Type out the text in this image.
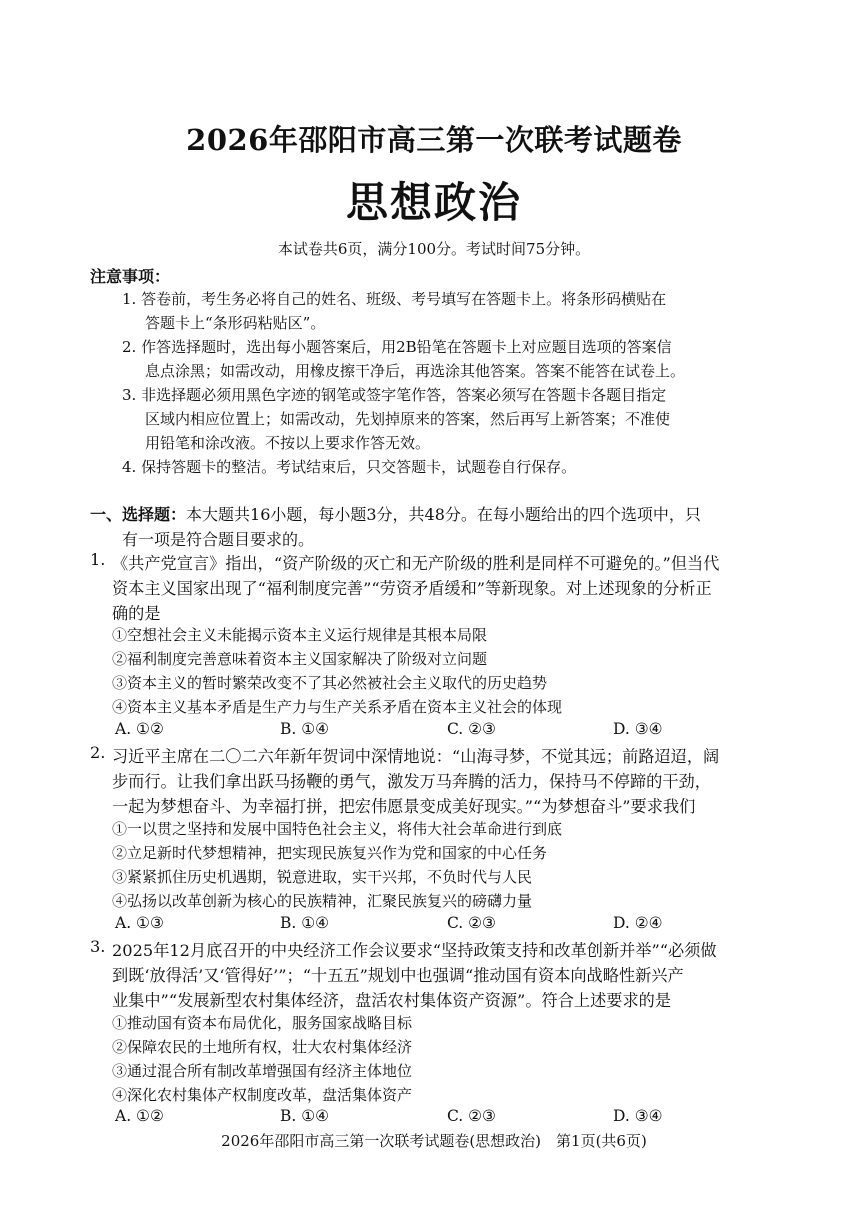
2026年邵阳市高三第一次联考试题卷
思想政治
本试卷共6页，满分100分。考试时间75分钟。
注意事项：
1. 答卷前，考生务必将自己的姓名、班级、考号填写在答题卡上。将条形码横贴在
答题卡上“条形码粘贴区”。
2. 作答选择题时，选出每小题答案后，用2B铅笔在答题卡上对应题目选项的答案信
息点涂黑；如需改动，用橡皮擦干净后，再选涂其他答案。答案不能答在试卷上。
3. 非选择题必须用黑色字迹的钢笔或签字笔作答，答案必须写在答题卡各题目指定
区域内相应位置上；如需改动，先划掉原来的答案，然后再写上新答案；不准使
用铅笔和涂改液。不按以上要求作答无效。
4. 保持答题卡的整洁。考试结束后，只交答题卡，试题卷自行保存。
一、选择题：本大题共16小题，每小题3分，共48分。在每小题给出的四个选项中，只
有一项是符合题目要求的。
1. 《共产党宣言》指出，“资产阶级的灭亡和无产阶级的胜利是同样不可避免的。”但当代
资本主义国家出现了“福利制度完善”“劳资矛盾缓和”等新现象。对上述现象的分析正
确的是
①空想社会主义未能揭示资本主义运行规律是其根本局限
②福利制度完善意味着资本主义国家解决了阶级对立问题
③资本主义的暂时繁荣改变不了其必然被社会主义取代的历史趋势
④资本主义基本矛盾是生产力与生产关系矛盾在资本主义社会的体现
A. ①②	B. ①④	C. ②③	D. ③④
2. 习近平主席在二〇二六年新年贺词中深情地说：“山海寻梦，不觉其远；前路迢迢，阔
步而行。让我们拿出跃马扬鞭的勇气，激发万马奔腾的活力，保持马不停蹄的干劲，
一起为梦想奋斗、为幸福打拼，把宏伟愿景变成美好现实。”“为梦想奋斗”要求我们
①一以贯之坚持和发展中国特色社会主义，将伟大社会革命进行到底
②立足新时代梦想精神，把实现民族复兴作为党和国家的中心任务
③紧紧抓住历史机遇期，锐意进取，实干兴邦，不负时代与人民
④弘扬以改革创新为核心的民族精神，汇聚民族复兴的磅礴力量
A. ①③	B. ①④	C. ②③	D. ②④
3. 2025年12月底召开的中央经济工作会议要求“坚持政策支持和改革创新并举”“必须做
到既‘放得活’又‘管得好’”；“十五五”规划中也强调“推动国有资本向战略性新兴产
业集中”“发展新型农村集体经济，盘活农村集体资产资源”。符合上述要求的是
①推动国有资本布局优化，服务国家战略目标
②保障农民的土地所有权，壮大农村集体经济
③通过混合所有制改革增强国有经济主体地位
④深化农村集体产权制度改革，盘活集体资产
A. ①②	B. ①④	C. ②③	D. ③④
2026年邵阳市高三第一次联考试题卷(思想政治)　第1页(共6页)
